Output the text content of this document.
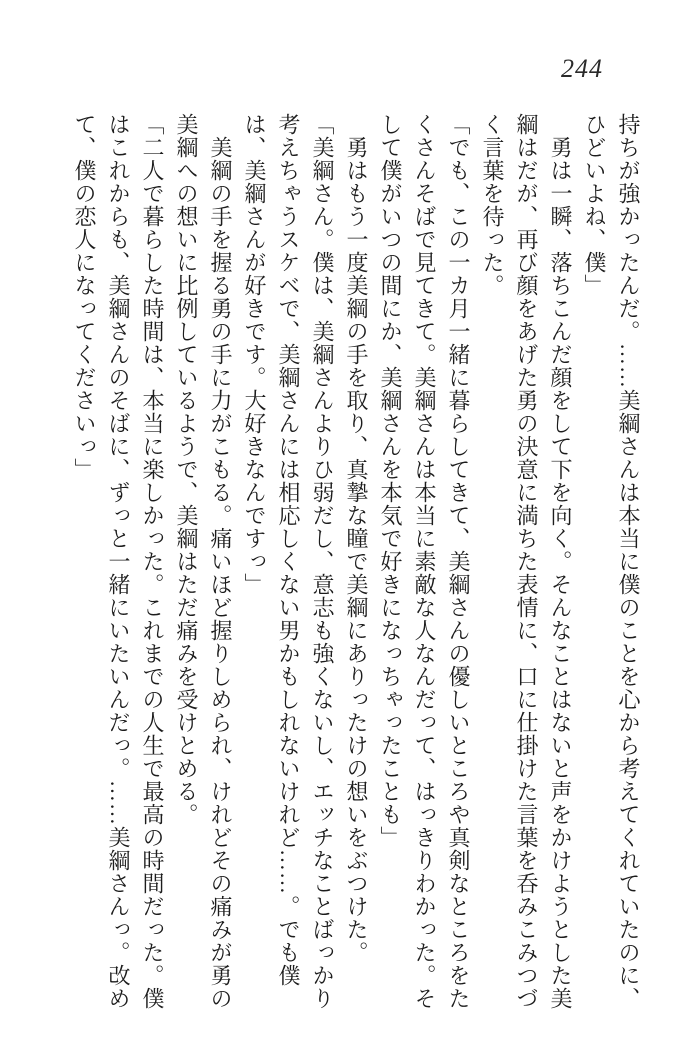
244

持ちが強かったんだ。……美綱さんは本当に僕のことを心から考えてくれていたのに、ひどいよね、僕」

　勇は一瞬、落ちこんだ顔をして下を向く。そんなことはないと声をかけようとした美綱はだが、再び顔をあげた勇の決意に満ちた表情に、口に仕掛けた言葉を呑みこみつづく言葉を待った。

「でも、この一カ月一緒に暮らしてきて、美綱さんの優しいところや真剣なところをたくさんそばで見てきて。美綱さんは本当に素敵な人なんだって、はっきりわかった。そして僕がいつの間にか、美綱さんを本気で好きになっちゃったことも」

　勇はもう一度美綱の手を取り、真摯な瞳で美綱にありったけの想いをぶつけた。

「美綱さん。僕は、美綱さんよりひ弱だし、意志も強くないし、エッチなことばっかり考えちゃうスケベで、美綱さんには相応しくない男かもしれないけれど……。でも僕は、美綱さんが好きです。大好きなんですっ」

　美綱の手を握る勇の手に力がこもる。痛いほど握りしめられ、けれどその痛みが勇の美綱への想いに比例しているようで、美綱はただ痛みを受けとめる。

「二人で暮らした時間は、本当に楽しかった。これまでの人生で最高の時間だった。僕はこれからも、美綱さんのそばに、ずっと一緒にいたいんだっ。……美綱さんっ。改めて、僕の恋人になってくださいっ」
